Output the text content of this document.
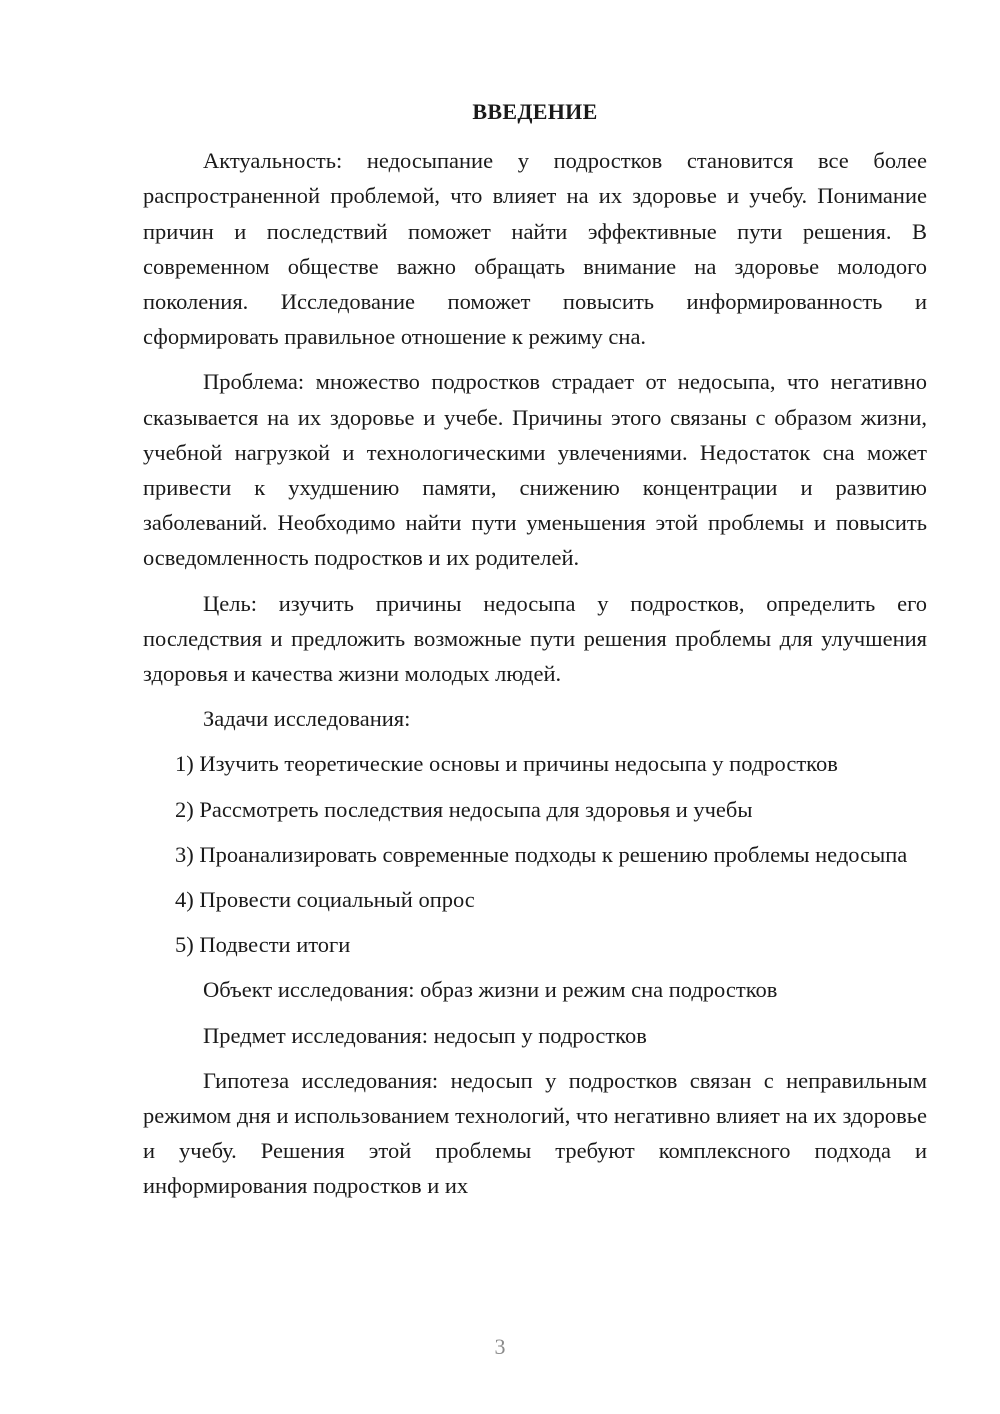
ВВЕДЕНИЕ

Актуальность: недосыпание у подростков становится все более распространенной проблемой, что влияет на их здоровье и учебу. Понимание причин и последствий поможет найти эффективные пути решения. В современном обществе важно обращать внимание на здоровье молодого поколения. Исследование поможет повысить информированность и сформировать правильное отношение к режиму сна.

Проблема: множество подростков страдает от недосыпа, что негативно сказывается на их здоровье и учебе. Причины этого связаны с образом жизни, учебной нагрузкой и технологическими увлечениями. Недостаток сна может привести к ухудшению памяти, снижению концентрации и развитию заболеваний. Необходимо найти пути уменьшения этой проблемы и повысить осведомленность подростков и их родителей.

Цель: изучить причины недосыпа у подростков, определить его последствия и предложить возможные пути решения проблемы для улучшения здоровья и качества жизни молодых людей.

Задачи исследования:

1) Изучить теоретические основы и причины недосыпа у подростков

2) Рассмотреть последствия недосыпа для здоровья и учебы

3) Проанализировать современные подходы к решению проблемы недосыпа

4) Провести социальный опрос

5) Подвести итоги

Объект исследования: образ жизни и режим сна подростков

Предмет исследования: недосып у подростков

Гипотеза исследования: недосып у подростков связан с неправильным режимом дня и использованием технологий, что негативно влияет на их здоровье и учебу. Решения этой проблемы требуют комплексного подхода и информирования подростков и их

3
